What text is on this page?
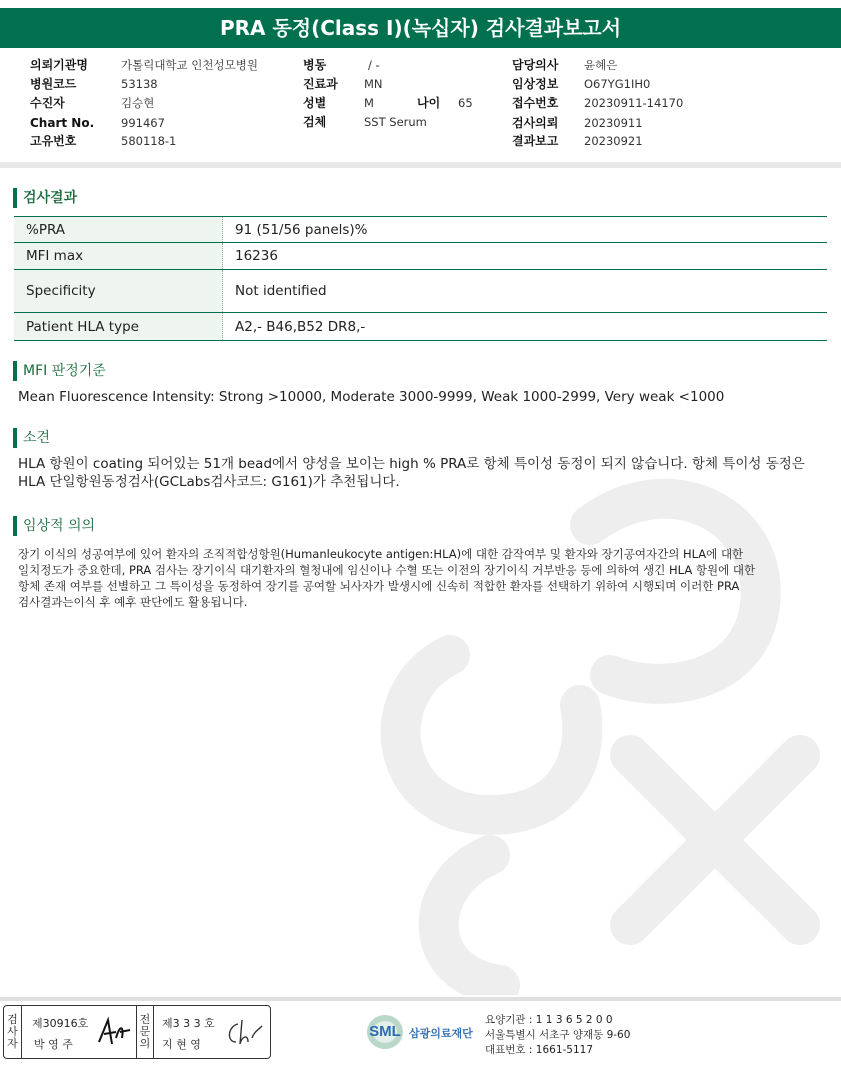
PRA 동정(Class I)(녹십자) 검사결과보고서
의뢰기관명	가톨릭대학교 인천성모병원
병원코드	53138
수진자	김승현
Chart No. 991467
고유번호	580118-1
병동	/ -
진료과 MN
성별	M	나이 65
검체	SST Serum
담당의사 윤혜은
임상정보 O67YG1IH0
접수번호 20230911-14170
검사의뢰 20230911
결과보고 20230921
검사결과
%PRA	91 (51/56 panels)%
MFI max	16236
Specificity	Not identified
Patient HLA type	A2,- B46,B52 DR8,-
MFI 판정기준
Mean Fluorescence Intensity: Strong >10000, Moderate 3000-9999, Weak 1000-2999, Very weak <1000
소견
HLA 항원이 coating 되어있는 51개 bead에서 양성을 보이는 high % PRA로 항체 특이성 동정이 되지 않습니다. 항체 특이성 동정은
HLA 단일항원동정검사(GCLabs검사코드: G161)가 추천됩니다.
임상적 의의
장기 이식의 성공여부에 있어 환자의 조직적합성항원(Humanleukocyte antigen:HLA)에 대한 감작여부 및 환자와 장기공여자간의 HLA에 대한
일치정도가 중요한데, PRA 검사는 장기이식 대기환자의 혈청내에 임신이나 수혈 또는 이전의 장기이식 거부반응 등에 의하여 생긴 HLA 항원에 대한
항체 존재 여부를 선별하고 그 특이성을 동정하여 장기를 공여할 뇌사자가 발생시에 신속히 적합한 환자를 선택하기 위하여 시행되며 이러한 PRA
검사결과는이식 후 예후 판단에도 활용됩니다.
검사자
제30916호
박 영 주
전문의
제3 3 3 호
지 현 영
SML 삼광의료재단
요양기관 : 1 1 3 6 5 2 0 0
서울특별시 서초구 양재동 9-60
대표번호 : 1661-5117
